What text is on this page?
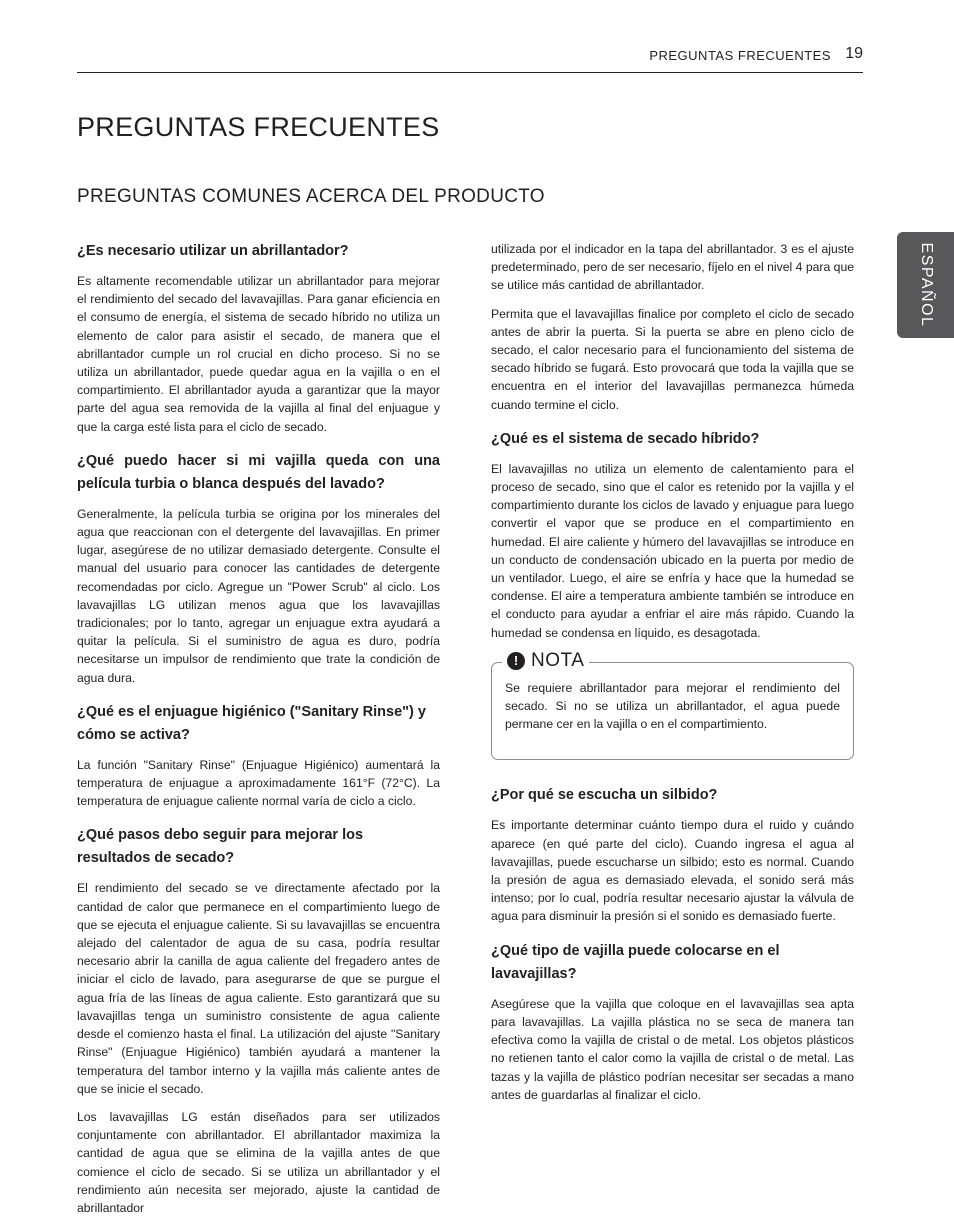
PREGUNTAS FRECUENTES 19
PREGUNTAS FRECUENTES
PREGUNTAS COMUNES ACERCA DEL PRODUCTO
ESPAÑOL

¿Es necesario utilizar un abrillantador?

Es altamente recomendable utilizar un abrillantador para mejorar el rendimiento del secado del lavavajillas. Para ganar eficiencia en el consumo de energía, el sistema de secado híbrido no utiliza un elemento de calor para asistir el secado, de manera que el abrillantador cumple un rol crucial en dicho proceso. Si no se utiliza un abrillantador, puede quedar agua en la vajilla o en el compartimiento. El abrillantador ayuda a garantizar que la mayor parte del agua sea removida de la vajilla al final del enjuague y que la carga esté lista para el ciclo de secado.

¿Qué puedo hacer si mi vajilla queda con una película turbia o blanca después del lavado?

Generalmente, la película turbia se origina por los minerales del agua que reaccionan con el detergente del lavavajillas. En primer lugar, asegúrese de no utilizar demasiado detergente. Consulte el manual del usuario para conocer las cantidades de detergente recomendadas por ciclo. Agregue un "Power Scrub" al ciclo. Los lavavajillas LG utilizan menos agua que los lavavajillas tradicionales; por lo tanto, agregar un enjuague extra ayudará a quitar la película. Si el suministro de agua es duro, podría necesitarse un impulsor de rendimiento que trate la condición de agua dura.

¿Qué es el enjuague higiénico ("Sanitary Rinse") y cómo se activa?

La función "Sanitary Rinse" (Enjuague Higiénico) aumentará la temperatura de enjuague a aproximadamente 161°F (72°C). La temperatura de enjuague caliente normal varía de ciclo a ciclo.

¿Qué pasos debo seguir para mejorar los resultados de secado?

El rendimiento del secado se ve directamente afectado por la cantidad de calor que permanece en el compartimiento luego de que se ejecuta el enjuague caliente. Si su lavavajillas se encuentra alejado del calentador de agua de su casa, podría resultar necesario abrir la canilla de agua caliente del fregadero antes de iniciar el ciclo de lavado, para asegurarse de que se purgue el agua fría de las líneas de agua caliente. Esto garantizará que su lavavajillas tenga un suministro consistente de agua caliente desde el comienzo hasta el final. La utilización del ajuste "Sanitary Rinse" (Enjuague Higiénico) también ayudará a mantener la temperatura del tambor interno y la vajilla más caliente antes de que se inicie el secado.

Los lavavajillas LG están diseñados para ser utilizados conjuntamente con abrillantador. El abrillantador maximiza la cantidad de agua que se elimina de la vajilla antes de que comience el ciclo de secado. Si se utiliza un abrillantador y el rendimiento aún necesita ser mejorado, ajuste la cantidad de abrillantador

utilizada por el indicador en la tapa del abrillantador. 3 es el ajuste predeterminado, pero de ser necesario, fíjelo en el nivel 4 para que se utilice más cantidad de abrillantador.

Permita que el lavavajillas finalice por completo el ciclo de secado antes de abrir la puerta. Si la puerta se abre en pleno ciclo de secado, el calor necesario para el funcionamiento del sistema de secado híbrido se fugará. Esto provocará que toda la vajilla que se encuentra en el interior del lavavajillas permanezca húmeda cuando termine el ciclo.

¿Qué es el sistema de secado híbrido?

El lavavajillas no utiliza un elemento de calentamiento para el proceso de secado, sino que el calor es retenido por la vajilla y el compartimiento durante los ciclos de lavado y enjuague para luego convertir el vapor que se produce en el compartimiento en humedad. El aire caliente y húmero del lavavajillas se introduce en un conducto de condensación ubicado en la puerta por medio de un ventilador. Luego, el aire se enfría y hace que la humedad se condense. El aire a temperatura ambiente también se introduce en el conducto para ayudar a enfriar el aire más rápido. Cuando la humedad se condensa en líquido, es desagotada.

! NOTA

Se requiere abrillantador para mejorar el rendimiento del secado. Si no se utiliza un abrillantador, el agua puede permane cer en la vajilla o en el compartimiento.

¿Por qué se escucha un silbido?

Es importante determinar cuánto tiempo dura el ruido y cuándo aparece (en qué parte del ciclo). Cuando ingresa el agua al lavavajillas, puede escucharse un silbido; esto es normal. Cuando la presión de agua es demasiado elevada, el sonido será más intenso; por lo cual, podría resultar necesario ajustar la válvula de agua para disminuir la presión si el sonido es demasiado fuerte.

¿Qué tipo de vajilla puede colocarse en el lavavajillas?

Asegúrese que la vajilla que coloque en el lavavajillas sea apta para lavavajillas. La vajilla plástica no se seca de manera tan efectiva como la vajilla de cristal o de metal. Los objetos plásticos no retienen tanto el calor como la vajilla de cristal o de metal. Las tazas y la vajilla de plástico podrían necesitar ser secadas a mano antes de guardarlas al finalizar el ciclo.
